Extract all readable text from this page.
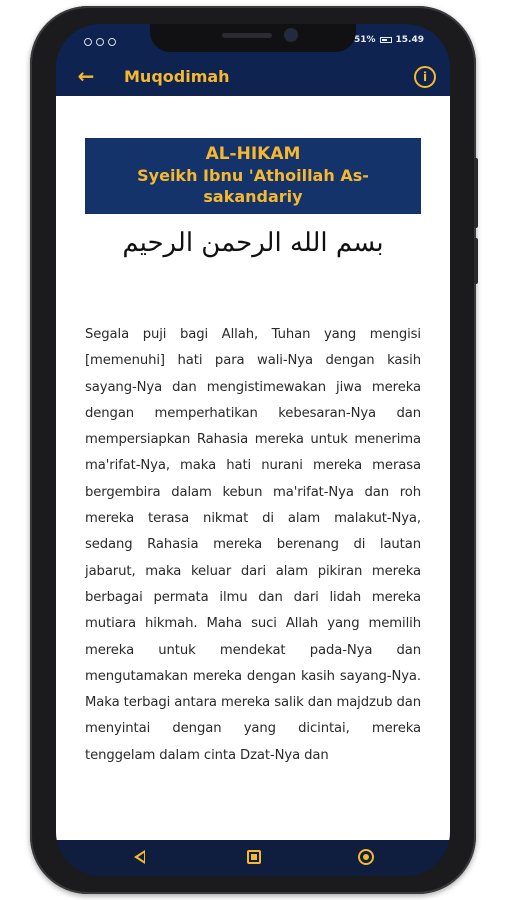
51% 15.49
← Muqodimah	i
AL-HIKAM
Syeikh Ibnu 'Athoillah As-
sakandariy
بسم الله الرحمن الرحيم
Segala puji bagi Allah, Tuhan yang mengisi [memenuhi] hati para wali-Nya dengan kasih sayang-Nya dan mengistimewakan jiwa mereka dengan memperhatikan kebesaran-Nya dan mempersiapkan Rahasia mereka untuk menerima ma'rifat-Nya, maka hati nurani mereka merasa bergembira dalam kebun ma'rifat-Nya dan roh mereka terasa nikmat di alam malakut-Nya, sedang Rahasia mereka berenang di lautan jabarut, maka keluar dari alam pikiran mereka berbagai permata ilmu dan dari lidah mereka mutiara hikmah. Maha suci Allah yang memilih mereka untuk mendekat pada-Nya dan mengutamakan mereka dengan kasih sayang-Nya. Maka terbagi antara mereka salik dan majdzub dan menyintai dengan yang dicintai, mereka tenggelam dalam cinta Dzat-Nya dan
